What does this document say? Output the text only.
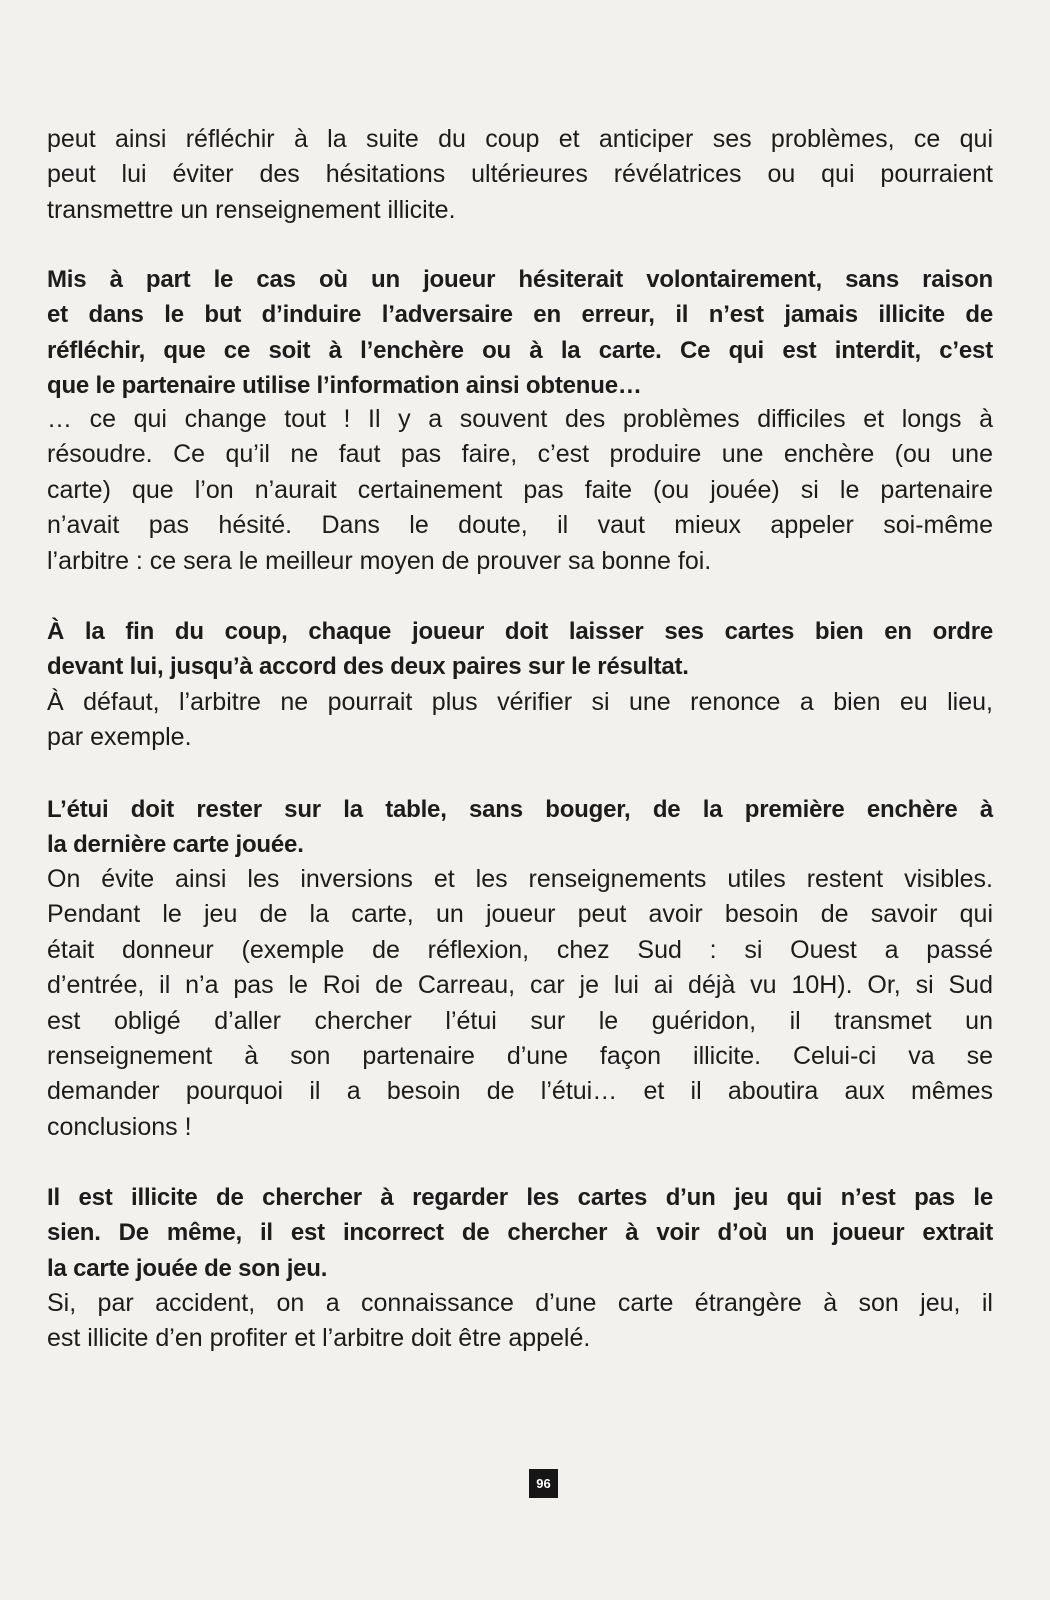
peut ainsi réfléchir à la suite du coup et anticiper ses problèmes, ce qui
peut lui éviter des hésitations ultérieures révélatrices ou qui pourraient
transmettre un renseignement illicite.
Mis à part le cas où un joueur hésiterait volontairement, sans raison
et dans le but d’induire l’adversaire en erreur, il n’est jamais illicite de
réfléchir, que ce soit à l’enchère ou à la carte. Ce qui est interdit, c’est
que le partenaire utilise l’information ainsi obtenue…
… ce qui change tout ! Il y a souvent des problèmes difficiles et longs à
résoudre. Ce qu’il ne faut pas faire, c’est produire une enchère (ou une
carte) que l’on n’aurait certainement pas faite (ou jouée) si le partenaire
n’avait pas hésité. Dans le doute, il vaut mieux appeler soi-même
l’arbitre : ce sera le meilleur moyen de prouver sa bonne foi.
À la fin du coup, chaque joueur doit laisser ses cartes bien en ordre
devant lui, jusqu’à accord des deux paires sur le résultat.
À défaut, l’arbitre ne pourrait plus vérifier si une renonce a bien eu lieu,
par exemple.
L’étui doit rester sur la table, sans bouger, de la première enchère à
la dernière carte jouée.
On évite ainsi les inversions et les renseignements utiles restent visibles.
Pendant le jeu de la carte, un joueur peut avoir besoin de savoir qui
était donneur (exemple de réflexion, chez Sud : si Ouest a passé
d’entrée, il n’a pas le Roi de Carreau, car je lui ai déjà vu 10H). Or, si Sud
est obligé d’aller chercher l’étui sur le guéridon, il transmet un
renseignement à son partenaire d’une façon illicite. Celui-ci va se
demander pourquoi il a besoin de l’étui… et il aboutira aux mêmes
conclusions !
Il est illicite de chercher à regarder les cartes d’un jeu qui n’est pas le
sien. De même, il est incorrect de chercher à voir d’où un joueur extrait
la carte jouée de son jeu.
Si, par accident, on a connaissance d’une carte étrangère à son jeu, il
est illicite d’en profiter et l’arbitre doit être appelé.
96
